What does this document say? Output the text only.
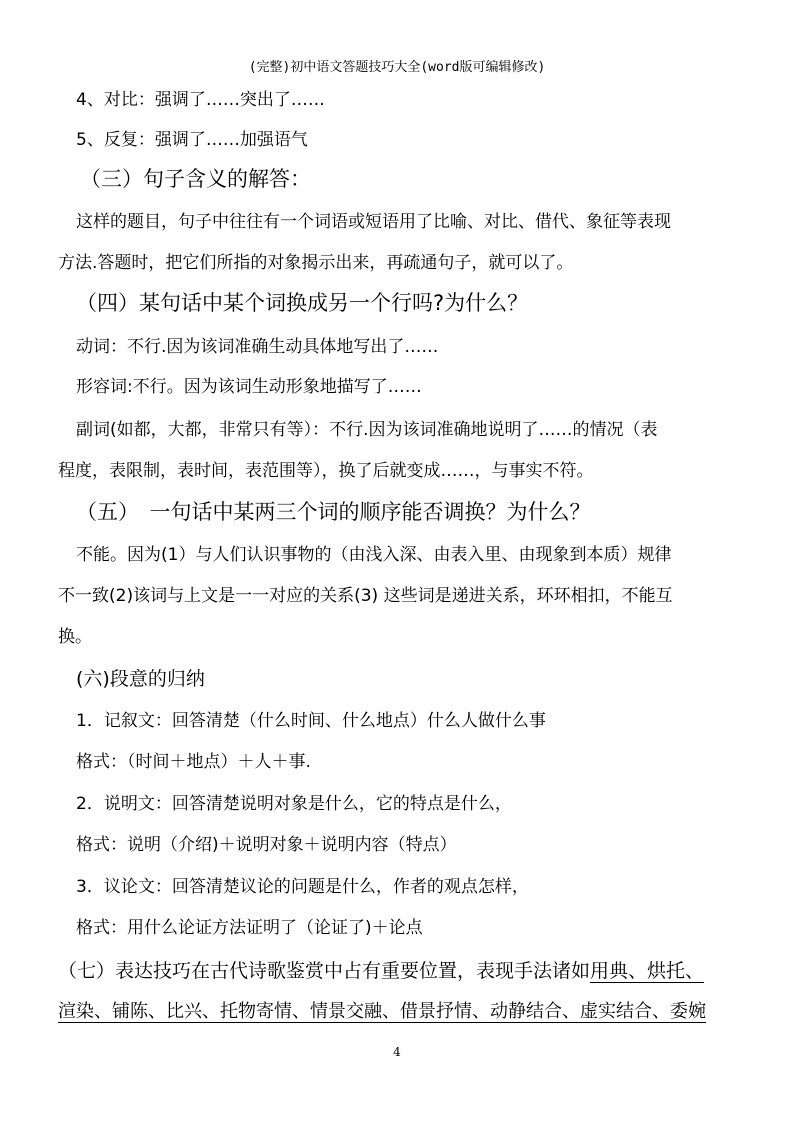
(完整)初中语文答题技巧大全(word版可编辑修改)
4、对比：强调了……突出了……
5、反复：强调了……加强语气
（三）句子含义的解答：
这样的题目，句子中往往有一个词语或短语用了比喻、对比、借代、象征等表现
方法.答题时，把它们所指的对象揭示出来，再疏通句子，就可以了。
（四）某句话中某个词换成另一个行吗?为什么？
动词：不行.因为该词准确生动具体地写出了……
形容词:不行。因为该词生动形象地描写了……
副词(如都，大都，非常只有等）：不行.因为该词准确地说明了……的情况（表
程度，表限制，表时间，表范围等），换了后就变成……，与事实不符。
（五）　一句话中某两三个词的顺序能否调换？为什么？
不能。因为(1）与人们认识事物的（由浅入深、由表入里、由现象到本质）规律
不一致(2)该词与上文是一一对应的关系(3) 这些词是递进关系，环环相扣，不能互
换。
(六)段意的归纳
1．记叙文：回答清楚（什么时间、什么地点）什么人做什么事
格式：（时间＋地点）＋人＋事.
2．说明文：回答清楚说明对象是什么，它的特点是什么，
格式：说明（介绍)＋说明对象＋说明内容（特点）
3．议论文：回答清楚议论的问题是什么，作者的观点怎样，
格式：用什么论证方法证明了（论证了)＋论点
（七）表达技巧在古代诗歌鉴赏中占有重要位置，表现手法诸如用典、烘托、
渲染、铺陈、比兴、托物寄情、情景交融、借景抒情、动静结合、虚实结合、委婉
4
